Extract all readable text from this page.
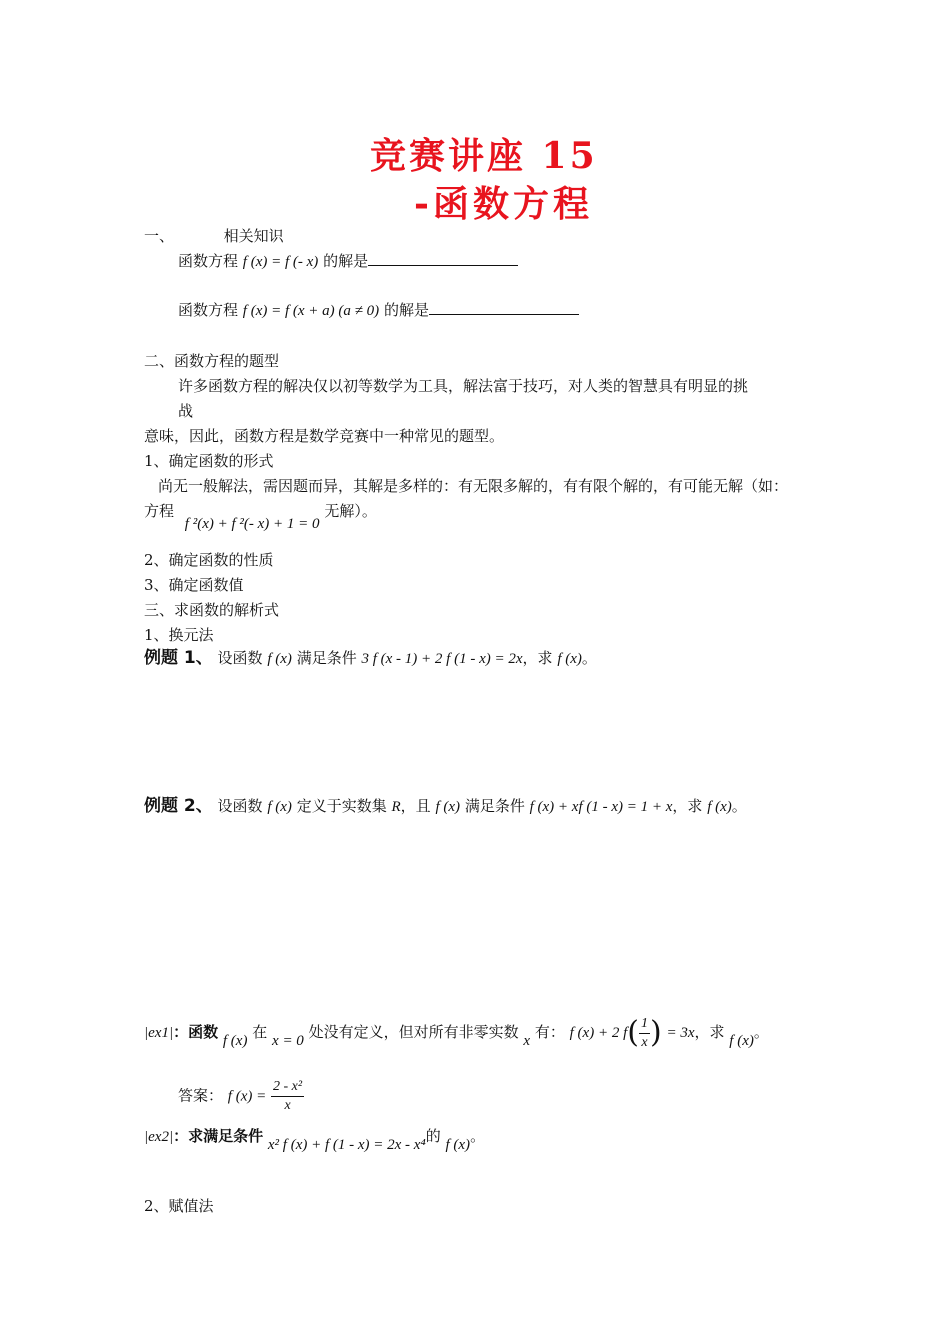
竞赛讲座 15
-函数方程
一、	相关知识
函数方程 f (x) = f (- x) 的解是
函数方程 f (x) = f (x + a) (a ≠ 0) 的解是
二、函数方程的题型
许多函数方程的解决仅以初等数学为工具，解法富于技巧，对人类的智慧具有明显的挑
战
意味，因此，函数方程是数学竞赛中一种常见的题型。
1、确定函数的形式
尚无一般解法，需因题而异，其解是多样的：有无限多解的，有有限个解的，有可能无解（如：
方程 f ²(x) + f ²(- x) + 1 = 0 无解）。
2、确定函数的性质
3、确定函数值
三、求函数的解析式
1、换元法
例题 1、 设函数 f (x) 满足条件 3 f (x - 1) + 2 f (1 - x) = 2x，求 f (x)。
例题 2、 设函数 f (x) 定义于实数集 R，且 f (x) 满足条件 f (x) + xf (1 - x) = 1 + x，求 f (x)。
|ex1|：函数 f (x) 在 x = 0 处没有定义，但对所有非零实数 x 有： f (x) + 2 $f( \frac{1}{x}$ ) = 3x，求 f (x)。
答案： f $(x) = \frac{\text{2 - x²}}{x}$
|ex2|：求满足条件 x² f (x) + f (1 - x) = 2x - x⁴的 f (x)。
2、赋值法
